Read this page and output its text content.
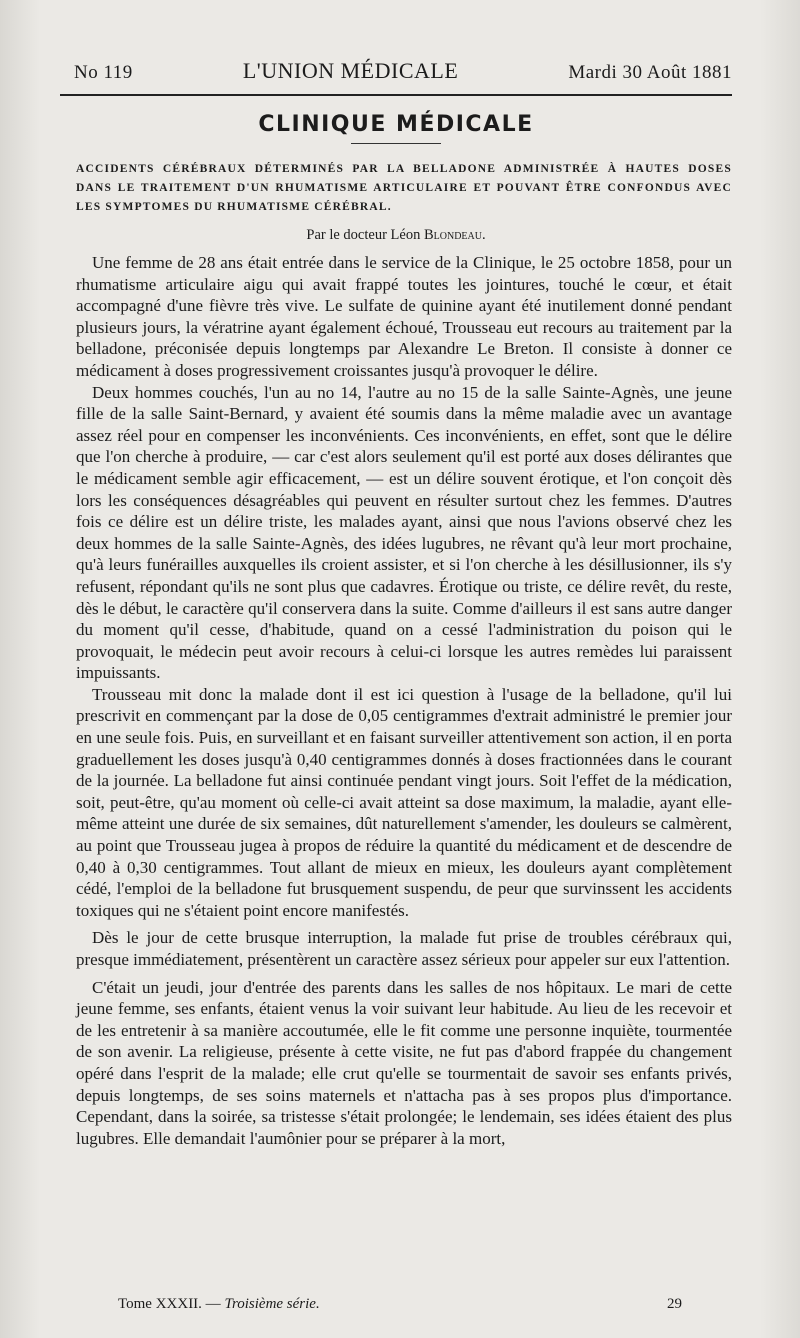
No 119	L'UNION MÉDICALE	Mardi 30 Août 1881
CLINIQUE MÉDICALE
ACCIDENTS CÉRÉBRAUX DÉTERMINÉS PAR LA BELLADONE ADMINISTRÉE À HAUTES DOSES DANS LE TRAITEMENT D'UN RHUMATISME ARTICULAIRE ET POUVANT ÊTRE CONFONDUS AVEC LES SYMPTOMES DU RHUMATISME CÉRÉBRAL.
Par le docteur Léon Blondeau.

Une femme de 28 ans était entrée dans le service de la Clinique, le 25 octobre 1858, pour un rhumatisme articulaire aigu qui avait frappé toutes les jointures, touché le cœur, et était accompagné d'une fièvre très vive. Le sulfate de quinine ayant été inutilement donné pendant plusieurs jours, la vératrine ayant également échoué, Trousseau eut recours au traitement par la belladone, préconisée depuis longtemps par Alexandre Le Breton. Il consiste à donner ce médicament à doses progressivement croissantes jusqu'à provoquer le délire.

Deux hommes couchés, l'un au no 14, l'autre au no 15 de la salle Sainte-Agnès, une jeune fille de la salle Saint-Bernard, y avaient été soumis dans la même maladie avec un avantage assez réel pour en compenser les inconvénients. Ces inconvénients, en effet, sont que le délire que l'on cherche à produire, — car c'est alors seulement qu'il est porté aux doses délirantes que le médicament semble agir efficacement, — est un délire souvent érotique, et l'on conçoit dès lors les conséquences désagréables qui peuvent en résulter surtout chez les femmes. D'autres fois ce délire est un délire triste, les malades ayant, ainsi que nous l'avions observé chez les deux hommes de la salle Sainte-Agnès, des idées lugubres, ne rêvant qu'à leur mort prochaine, qu'à leurs funérailles auxquelles ils croient assister, et si l'on cherche à les désillusionner, ils s'y refusent, répondant qu'ils ne sont plus que cadavres. Érotique ou triste, ce délire revêt, du reste, dès le début, le caractère qu'il conservera dans la suite. Comme d'ailleurs il est sans autre danger du moment qu'il cesse, d'habitude, quand on a cessé l'administration du poison qui le provoquait, le médecin peut avoir recours à celui-ci lorsque les autres remèdes lui paraissent impuissants.

Trousseau mit donc la malade dont il est ici question à l'usage de la belladone, qu'il lui prescrivit en commençant par la dose de 0,05 centigrammes d'extrait administré le premier jour en une seule fois. Puis, en surveillant et en faisant surveiller attentivement son action, il en porta graduellement les doses jusqu'à 0,40 centigrammes donnés à doses fractionnées dans le courant de la journée. La belladone fut ainsi continuée pendant vingt jours. Soit l'effet de la médication, soit, peut-être, qu'au moment où celle-ci avait atteint sa dose maximum, la maladie, ayant elle-même atteint une durée de six semaines, dût naturellement s'amender, les douleurs se calmèrent, au point que Trousseau jugea à propos de réduire la quantité du médicament et de descendre de 0,40 à 0,30 centigrammes. Tout allant de mieux en mieux, les douleurs ayant complètement cédé, l'emploi de la belladone fut brusquement suspendu, de peur que survinssent les accidents toxiques qui ne s'étaient point encore manifestés.

Dès le jour de cette brusque interruption, la malade fut prise de troubles cérébraux qui, presque immédiatement, présentèrent un caractère assez sérieux pour appeler sur eux l'attention.

C'était un jeudi, jour d'entrée des parents dans les salles de nos hôpitaux. Le mari de cette jeune femme, ses enfants, étaient venus la voir suivant leur habitude. Au lieu de les recevoir et de les entretenir à sa manière accoutumée, elle le fit comme une personne inquiète, tourmentée de son avenir. La religieuse, présente à cette visite, ne fut pas d'abord frappée du changement opéré dans l'esprit de la malade; elle crut qu'elle se tourmentait de savoir ses enfants privés, depuis longtemps, de ses soins maternels et n'attacha pas à ses propos plus d'importance. Cependant, dans la soirée, sa tristesse s'était prolongée; le lendemain, ses idées étaient des plus lugubres. Elle demandait l'aumônier pour se préparer à la mort,

Tome XXXII. — Troisième série.	29
